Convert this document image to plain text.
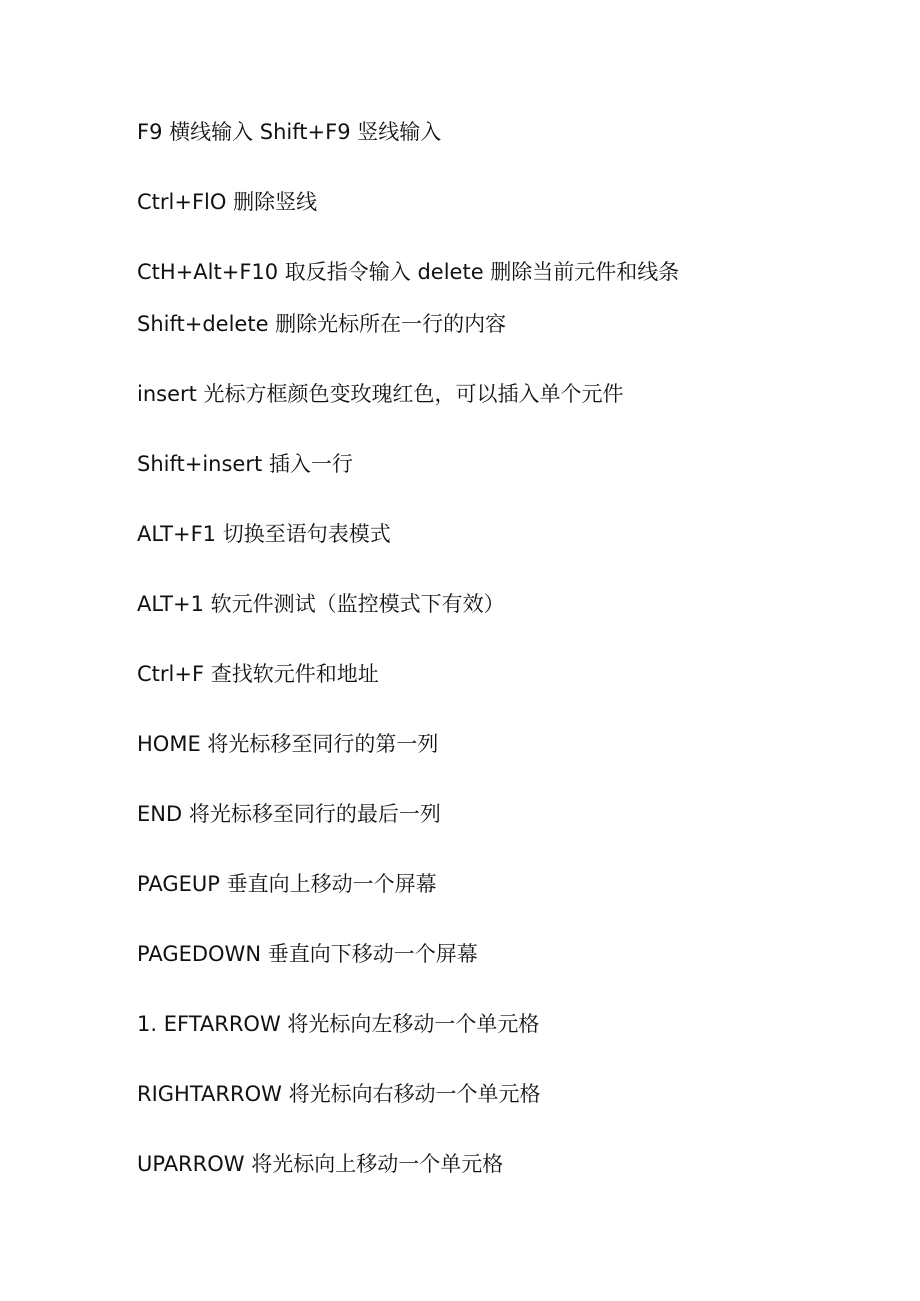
F9 横线输入 Shift+F9 竖线输入
Ctrl+FlO 删除竖线
CtH+Alt+F10 取反指令输入 delete 删除当前元件和线条
Shift+delete 删除光标所在一行的内容
insert 光标方框颜色变玫瑰红色，可以插入单个元件
Shift+insert 插入一行
ALT+F1 切换至语句表模式
ALT+1 软元件测试（监控模式下有效）
Ctrl+F 查找软元件和地址
HOME 将光标移至同行的第一列
END 将光标移至同行的最后一列
PAGEUP 垂直向上移动一个屏幕
PAGEDOWN 垂直向下移动一个屏幕
1. EFTARROW 将光标向左移动一个单元格
RIGHTARROW 将光标向右移动一个单元格
UPARROW 将光标向上移动一个单元格
